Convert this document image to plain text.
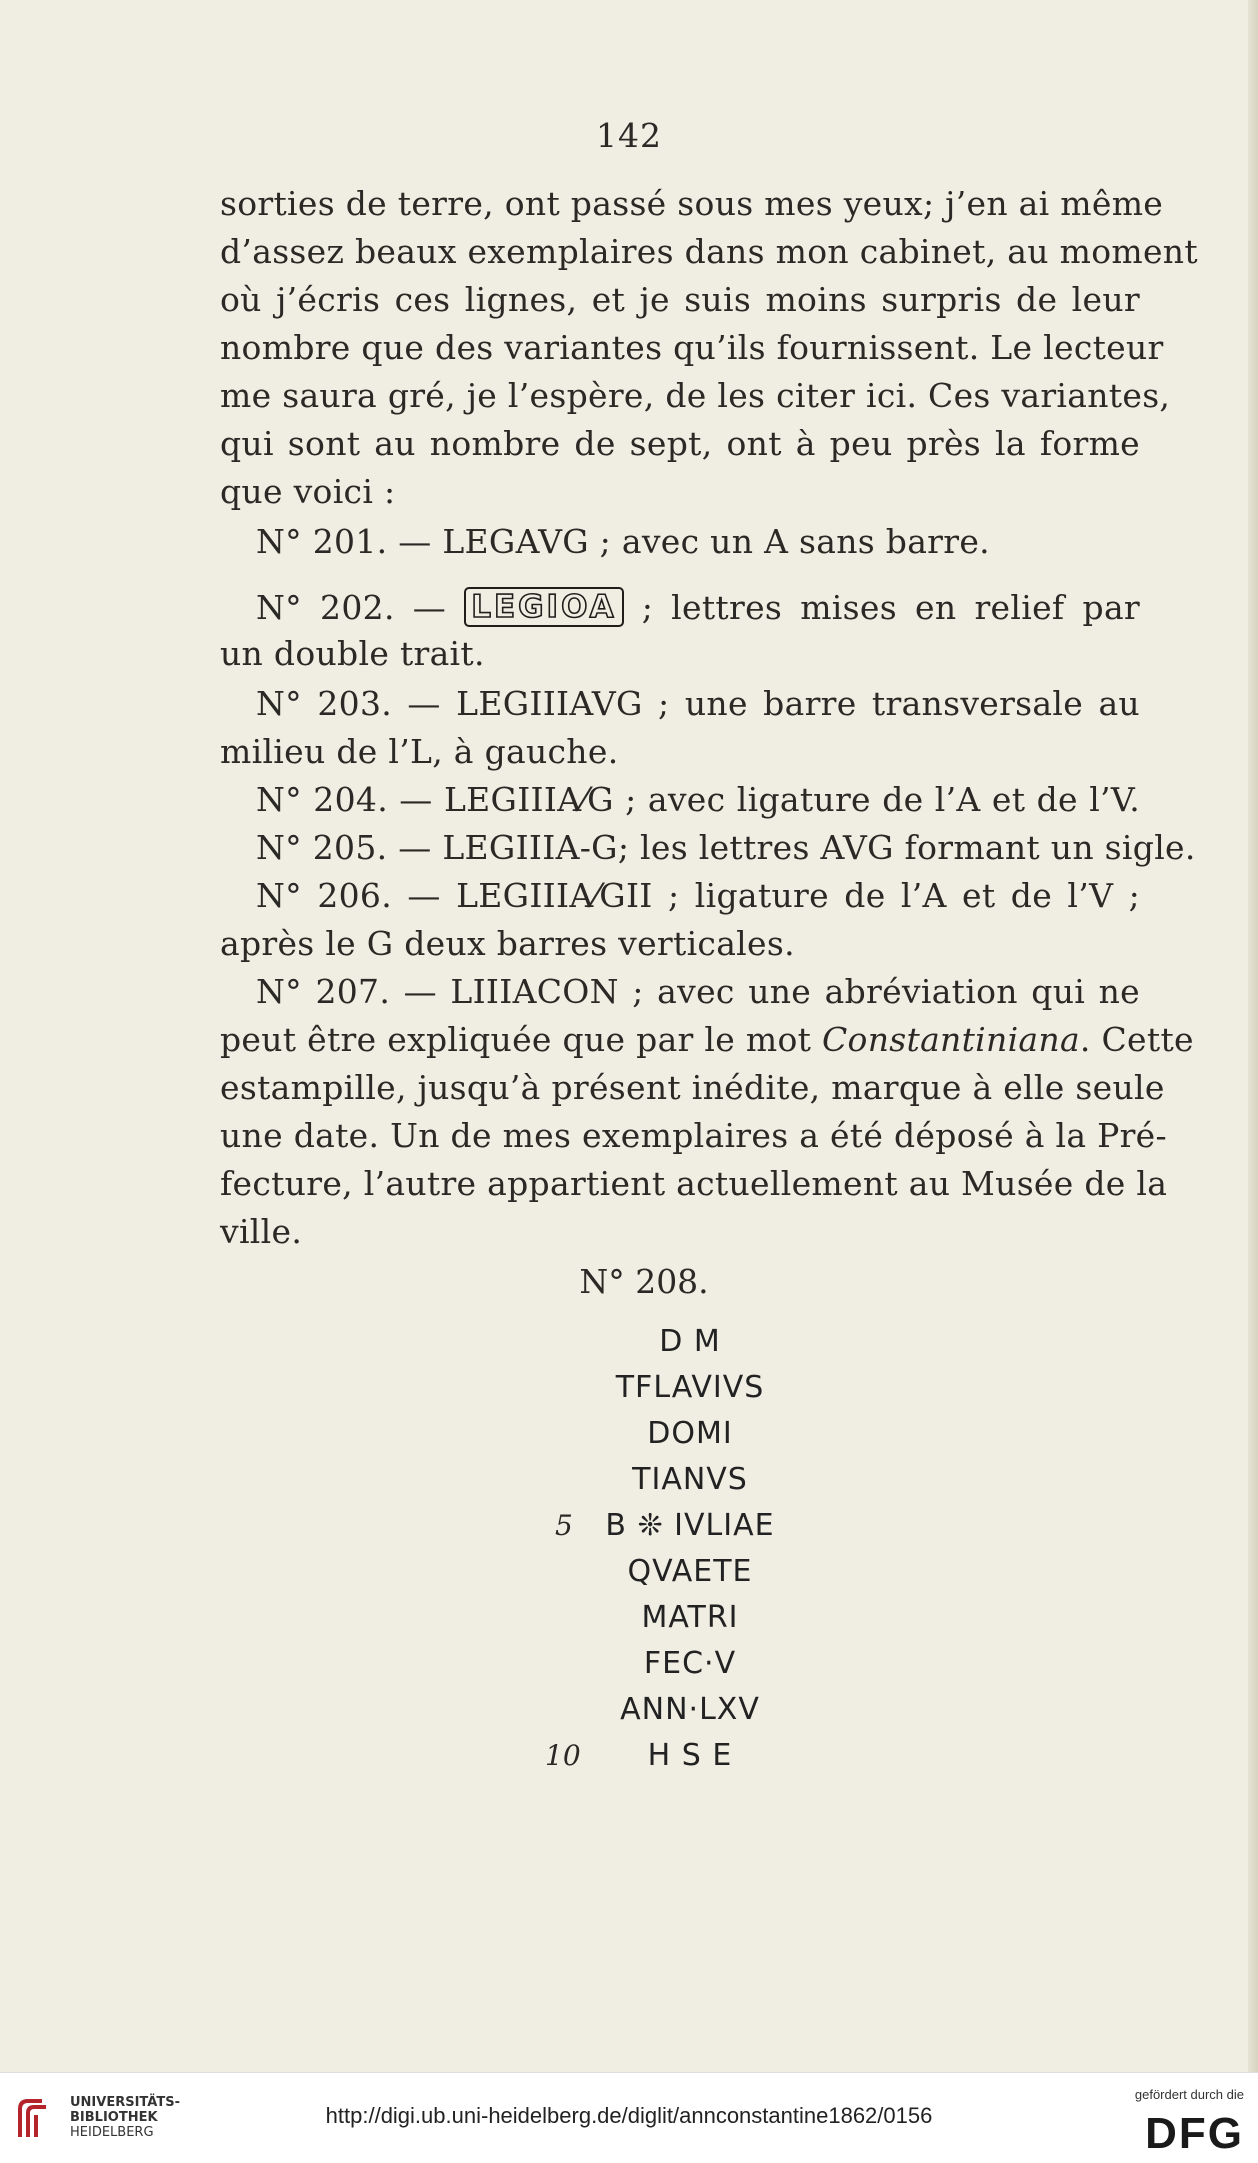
142
sorties de terre, ont passé sous mes yeux; j’en ai même
d’assez beaux exemplaires dans mon cabinet, au moment
où j’écris ces lignes, et je suis moins surpris de leur
nombre que des variantes qu’ils fournissent. Le lecteur
me saura gré, je l’espère, de les citer ici. Ces variantes,
qui sont au nombre de sept, ont à peu près la forme
que voici :
N° 201. — LEGAVG ; avec un A sans barre.
N° 202. — LEGIOA ; lettres mises en relief par
un double trait.
N° 203. — LEGIIIAVG ; une barre transversale au
milieu de l’L, à gauche.
N° 204. — LEGIIIA⁄G ; avec ligature de l’A et de l’V.
N° 205. — LEGIIIA-G; les lettres AVG formant un sigle.
N° 206. — LEGIIIA⁄GII ; ligature de l’A et de l’V ;
après le G deux barres verticales.
N° 207. — LIIIACON ; avec une abréviation qui ne
peut être expliquée que par le mot Constantiniana. Cette
estampille, jusqu’à présent inédite, marque à elle seule
une date. Un de mes exemplaires a été déposé à la Pré-
fecture, l’autre appartient actuellement au Musée de la
ville.
N° 208.
D M
TFLAVIVS
DOMI
TIANVS
5 B ❊ IVLIAE
QVAETE
MATRI
FEC·V
ANN·LXV
10	H S E
UNIVERSITÄTS-
BIBLIOTHEK
HEIDELBERG
http://digi.ub.uni-heidelberg.de/diglit/annconstantine1862/0156
gefördert durch die
DFG
